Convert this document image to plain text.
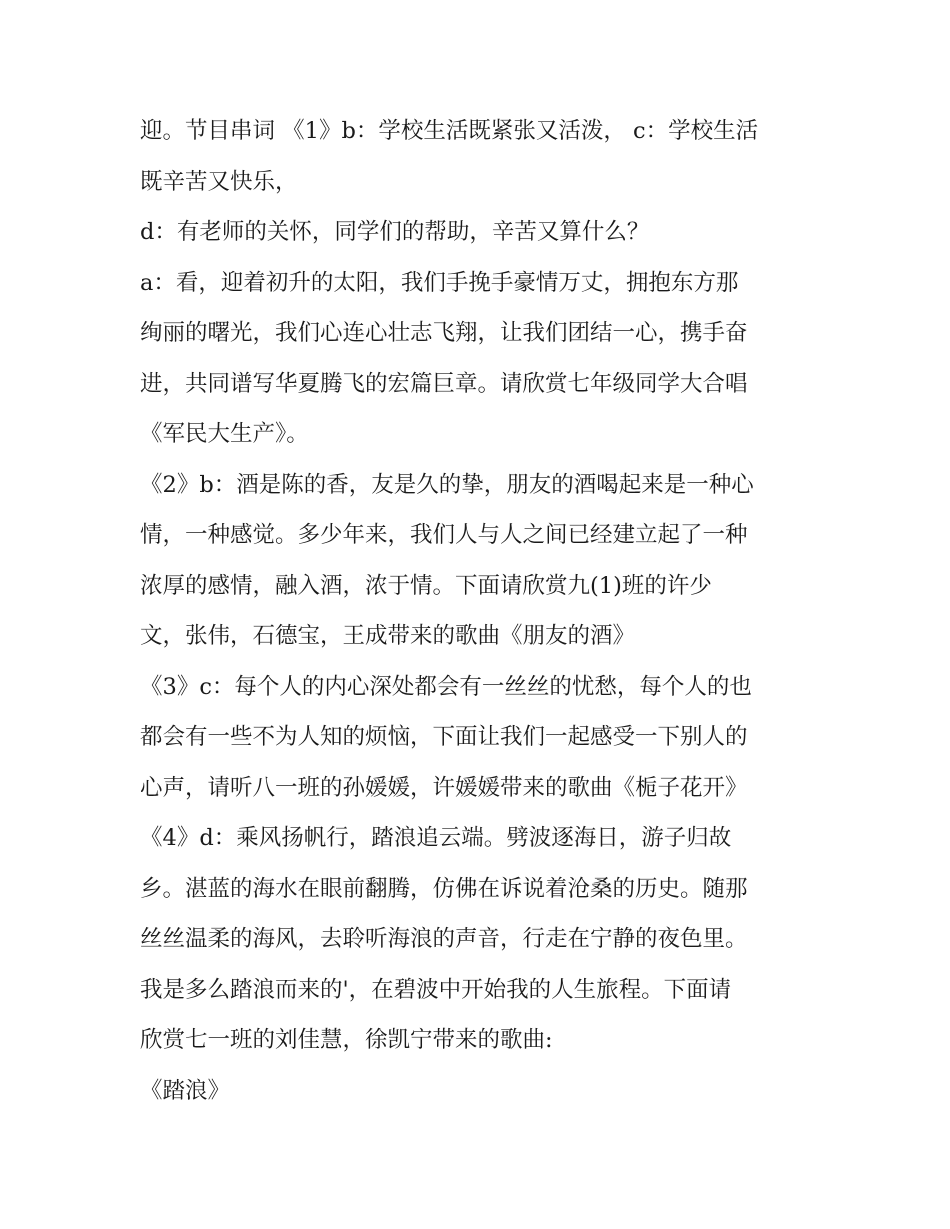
迎。节目串词 《1》b：学校生活既紧张又活泼， c：学校生活
既辛苦又快乐，
d：有老师的关怀，同学们的帮助，辛苦又算什么？
a：看，迎着初升的太阳，我们手挽手豪情万丈，拥抱东方那
绚丽的曙光，我们心连心壮志飞翔，让我们团结一心，携手奋
进，共同谱写华夏腾飞的宏篇巨章。请欣赏七年级同学大合唱
《军民大生产》。
《2》b：酒是陈的香，友是久的挚，朋友的酒喝起来是一种心
情，一种感觉。多少年来，我们人与人之间已经建立起了一种
浓厚的感情，融入酒，浓于情。下面请欣赏九(1)班的许少
文，张伟，石德宝，王成带来的歌曲《朋友的酒》
《3》c：每个人的内心深处都会有一丝丝的忧愁，每个人的也
都会有一些不为人知的烦恼，下面让我们一起感受一下别人的
心声，请听八一班的孙媛媛，许媛媛带来的歌曲《栀子花开》
《4》d：乘风扬帆行，踏浪追云端。劈波逐海日，游子归故
乡。湛蓝的海水在眼前翻腾，仿佛在诉说着沧桑的历史。随那
丝丝温柔的海风，去聆听海浪的声音，行走在宁静的夜色里。
我是多么踏浪而来的'，在碧波中开始我的人生旅程。下面请
欣赏七一班的刘佳慧，徐凯宁带来的歌曲:
《踏浪》
